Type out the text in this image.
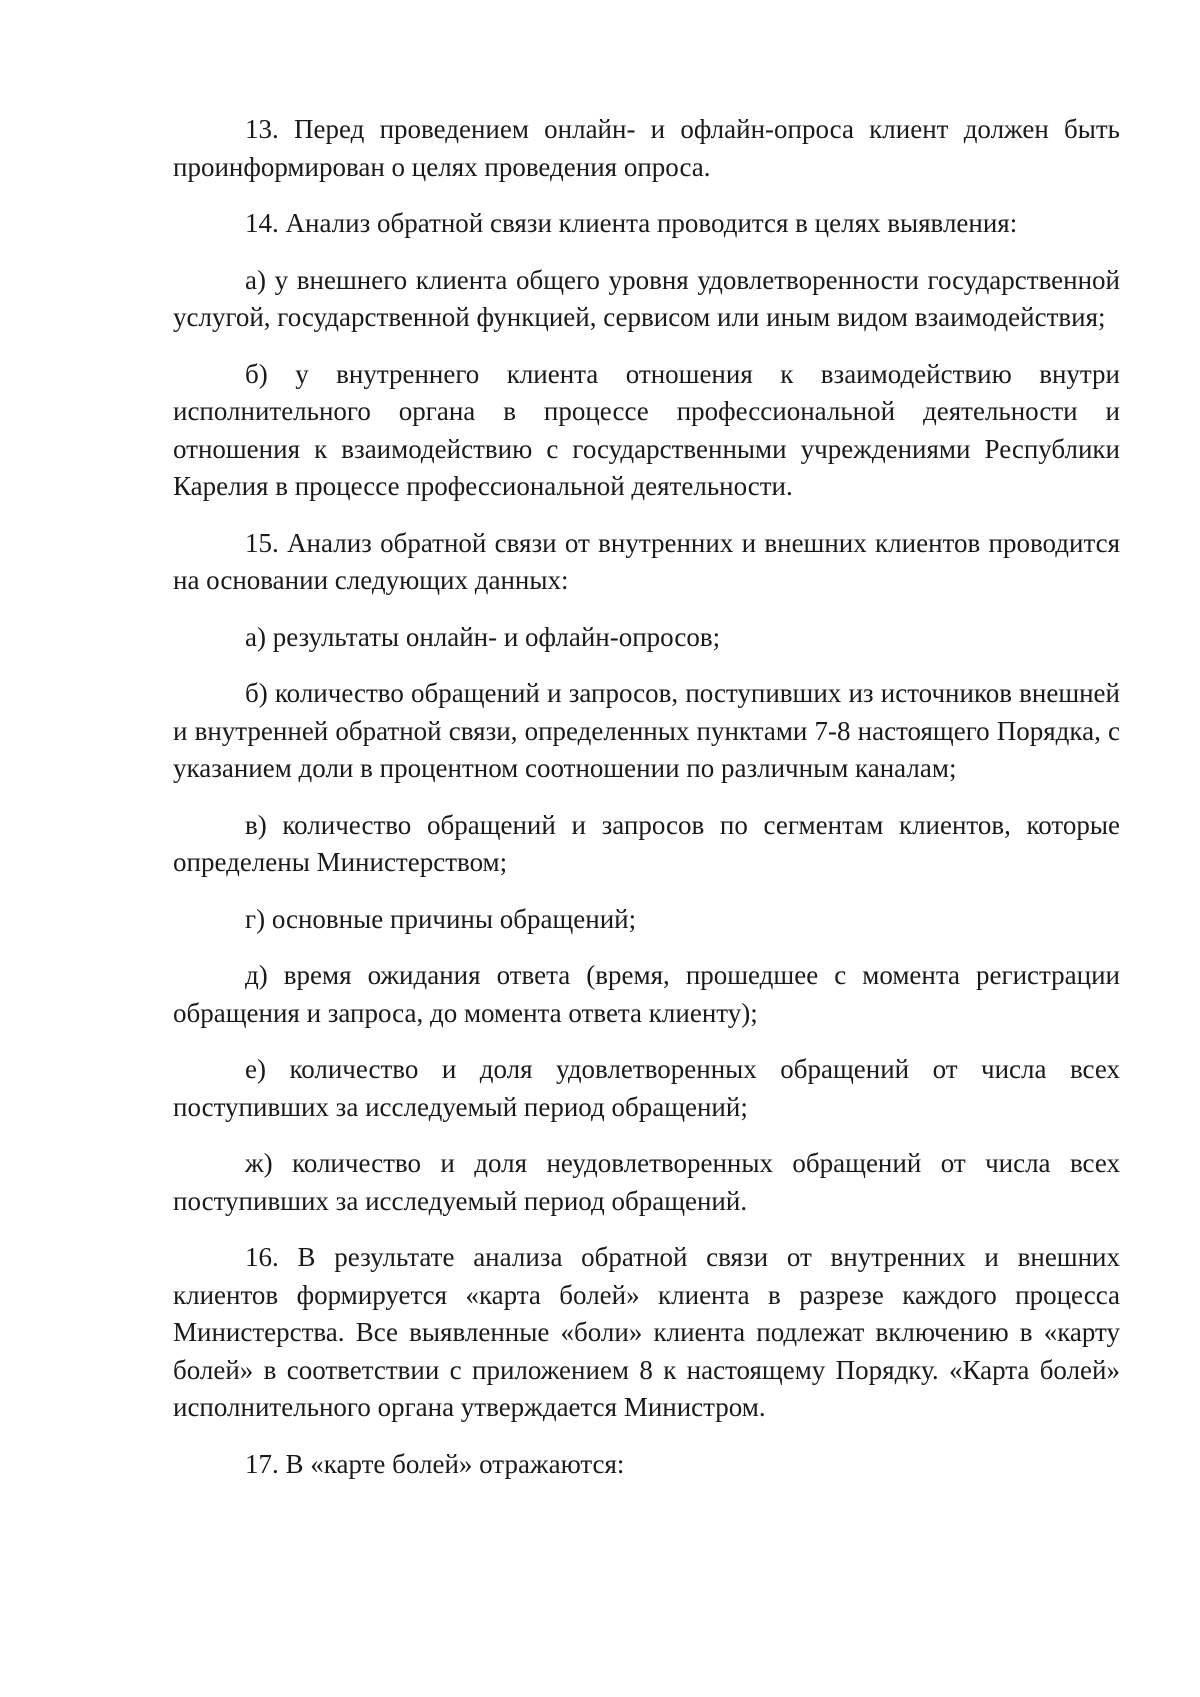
13. Перед проведением онлайн- и офлайн-опроса клиент должен быть проинформирован о целях проведения опроса.

14. Анализ обратной связи клиента проводится в целях выявления:

а) у внешнего клиента общего уровня удовлетворенности государственной услугой, государственной функцией, сервисом или иным видом взаимодействия;

б) у внутреннего клиента отношения к взаимодействию внутри исполнительного органа в процессе профессиональной деятельности и отношения к взаимодействию с государственными учреждениями Республики Карелия в процессе профессиональной деятельности.

15. Анализ обратной связи от внутренних и внешних клиентов проводится на основании следующих данных:

а) результаты онлайн- и офлайн-опросов;

б) количество обращений и запросов, поступивших из источников внешней и внутренней обратной связи, определенных пунктами 7-8 настоящего Порядка, с указанием доли в процентном соотношении по различным каналам;

в) количество обращений и запросов по сегментам клиентов, которые определены Министерством;

г) основные причины обращений;

д) время ожидания ответа (время, прошедшее с момента регистрации обращения и запроса, до момента ответа клиенту);

е) количество и доля удовлетворенных обращений от числа всех поступивших за исследуемый период обращений;

ж) количество и доля неудовлетворенных обращений от числа всех поступивших за исследуемый период обращений.

16. В результате анализа обратной связи от внутренних и внешних клиентов формируется «карта болей» клиента в разрезе каждого процесса Министерства. Все выявленные «боли» клиента подлежат включению в «карту болей» в соответствии с приложением 8 к настоящему Порядку. «Карта болей» исполнительного органа утверждается Министром.

17. В «карте болей» отражаются:
